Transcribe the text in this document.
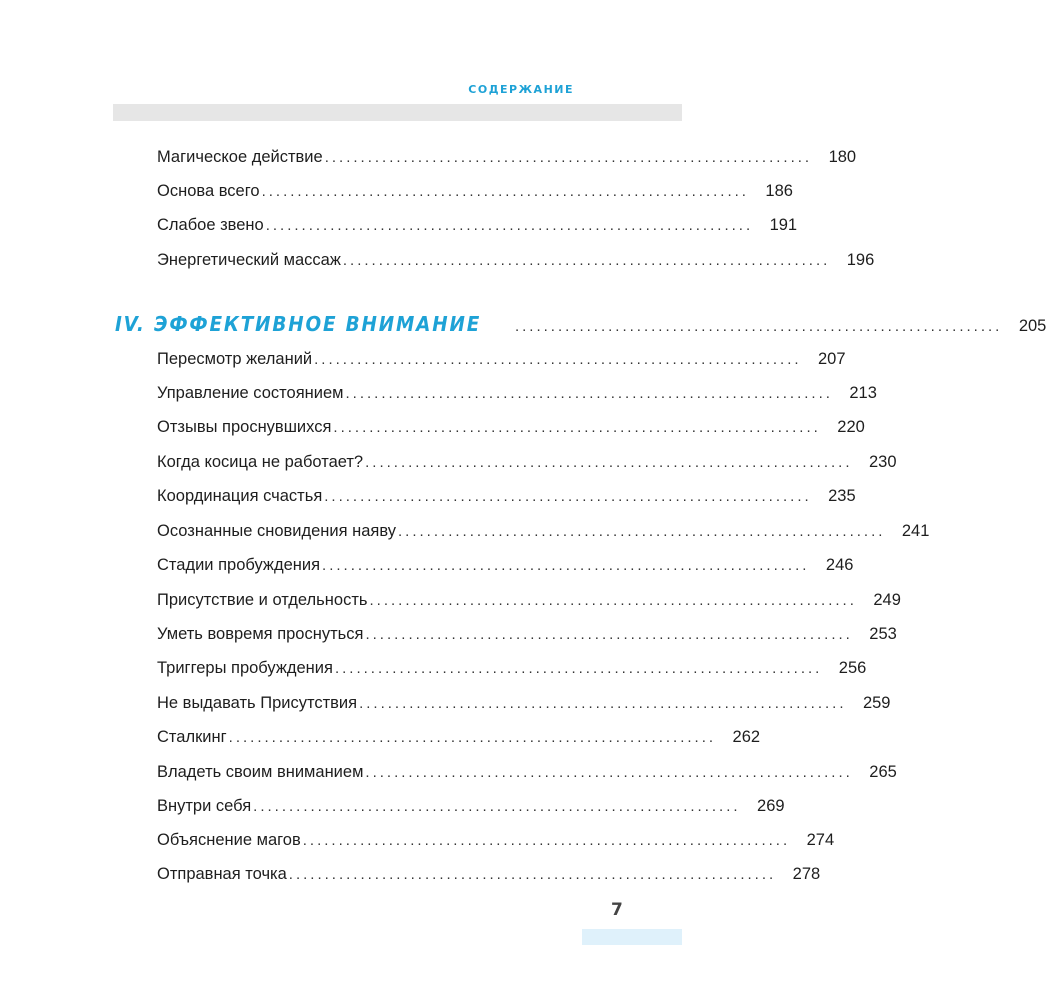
СОДЕРЖАНИЕ
Магическое действие .................................................................... 180
Основа всего .................................................................... 186
Слабое звено .................................................................... 191
Энергетический массаж .................................................................... 196
IV. ЭФФЕКТИВНОЕ ВНИМАНИЕ .................................................................... 205
Пересмотр желаний .................................................................... 207
Управление состоянием .................................................................... 213
Отзывы проснувшихся .................................................................... 220
Когда косица не работает? .................................................................... 230
Координация счастья .................................................................... 235
Осознанные сновидения наяву .................................................................... 241
Стадии пробуждения .................................................................... 246
Присутствие и отдельность .................................................................... 249
Уметь вовремя проснуться .................................................................... 253
Триггеры пробуждения .................................................................... 256
Не выдавать Присутствия .................................................................... 259
Сталкинг .................................................................... 262
Владеть своим вниманием .................................................................... 265
Внутри себя .................................................................... 269
Объяснение магов .................................................................... 274
Отправная точка .................................................................... 278
7
